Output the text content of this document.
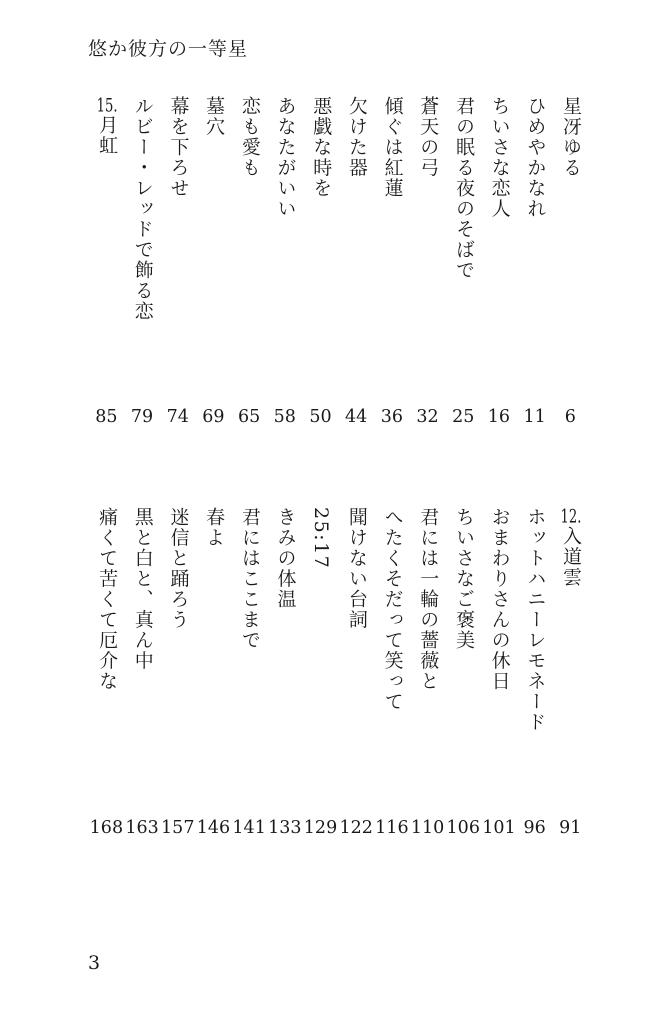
悠か彼方の一等星
星冴ゆる
6
ひめやかなれ
11
ちいさな恋人
16
君の眠る夜のそばで
25
蒼天の弓
32
傾ぐは紅蓮
36
欠けた器
44
悪戯な時を
50
あなたがいい
58
恋も愛も
65
墓穴
69
幕を下ろせ
74
ルビー・レッドで飾る恋
79
15.月虹
85
12.入道雲
91
ホットハニーレモネード
96
おまわりさんの休日
101
ちいさなご褒美
106
君には一輪の薔薇と
110
へたくそだって笑って
116
聞けない台詞
122
25:17
129
きみの体温
133
君にはここまで
141
春よ
146
迷信と踊ろう
157
黒と白と、真ん中
163
痛くて苦くて厄介な
168
3
